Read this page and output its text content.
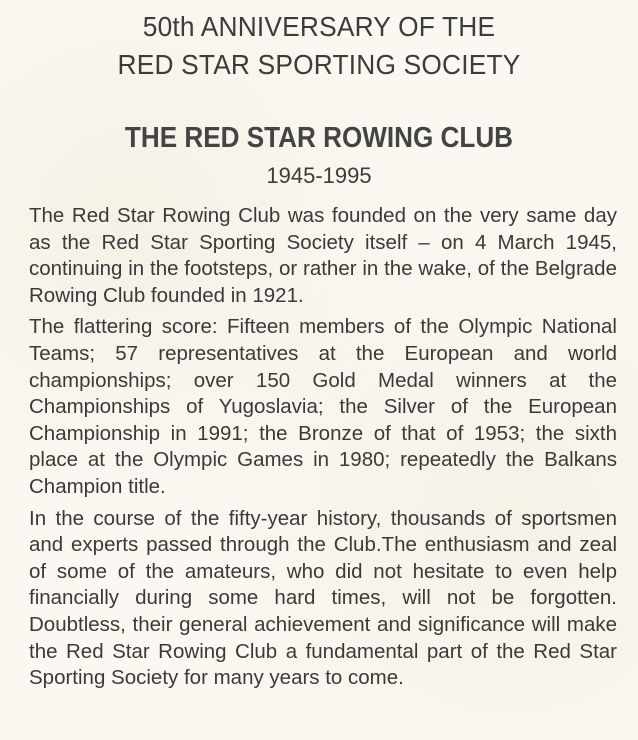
50th ANNIVERSARY OF THE
RED STAR SPORTING SOCIETY
THE RED STAR ROWING CLUB
1945-1995

The Red Star Rowing Club was founded on the very same day as the Red Star Sporting Society itself – on 4 March 1945, continuing in the footsteps, or rather in the wake, of the Belgrade Rowing Club founded in 1921.

The flattering score: Fifteen members of the Olympic National Teams; 57 representatives at the European and world championships; over 150 Gold Medal winners at the Championships of Yugoslavia; the Silver of the European Championship in 1991; the Bronze of that of 1953; the sixth place at the Olympic Games in 1980; repeatedly the Balkans Champion title.

In the course of the fifty-year history, thousands of sportsmen and experts passed through the Club.The enthusiasm and zeal of some of the amateurs, who did not hesitate to even help financially during some hard times, will not be forgotten. Doubtless, their general achievement and significance will make the Red Star Rowing Club a fundamental part of the Red Star Sporting Society for many years to come.
